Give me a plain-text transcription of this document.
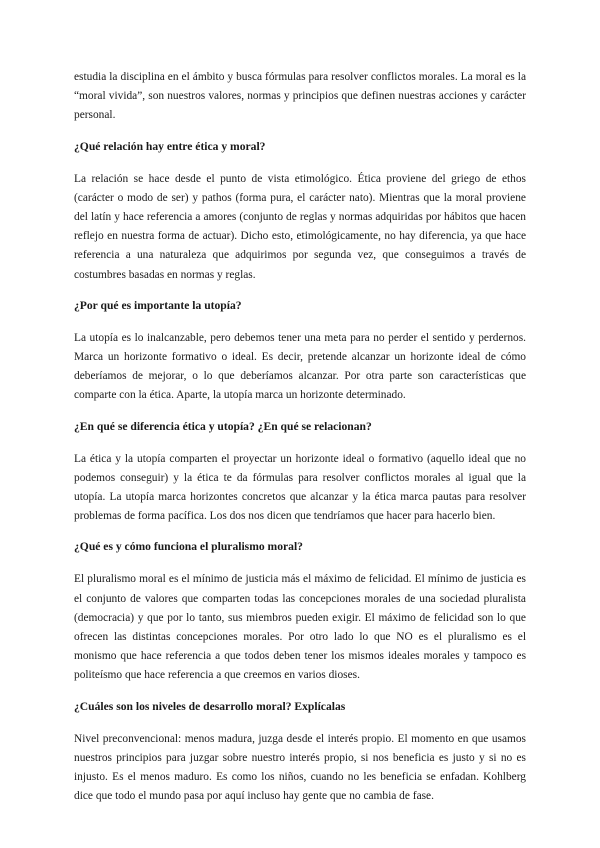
estudia la disciplina en el ámbito y busca fórmulas para resolver conflictos morales. La moral es la “moral vivida”, son nuestros valores, normas y principios que definen nuestras acciones y carácter personal.

¿Qué relación hay entre ética y moral?

La relación se hace desde el punto de vista etimológico. Ética proviene del griego de ethos (carácter o modo de ser) y pathos (forma pura, el carácter nato). Mientras que la moral proviene del latín y hace referencia a amores (conjunto de reglas y normas adquiridas por hábitos que hacen reflejo en nuestra forma de actuar). Dicho esto, etimológicamente, no hay diferencia, ya que hace referencia a una naturaleza que adquirimos por segunda vez, que conseguimos a través de costumbres basadas en normas y reglas.

¿Por qué es importante la utopía?

La utopía es lo inalcanzable, pero debemos tener una meta para no perder el sentido y perdernos. Marca un horizonte formativo o ideal. Es decir, pretende alcanzar un horizonte ideal de cómo deberíamos de mejorar, o lo que deberíamos alcanzar. Por otra parte son características que comparte con la ética. Aparte, la utopía marca un horizonte determinado.

¿En qué se diferencia ética y utopía? ¿En qué se relacionan?

La ética y la utopía comparten el proyectar un horizonte ideal o formativo (aquello ideal que no podemos conseguir) y la ética te da fórmulas para resolver conflictos morales al igual que la utopía. La utopía marca horizontes concretos que alcanzar y la ética marca pautas para resolver problemas de forma pacífica. Los dos nos dicen que tendríamos que hacer para hacerlo bien.

¿Qué es y cómo funciona el pluralismo moral?

El pluralismo moral es el mínimo de justicia más el máximo de felicidad. El mínimo de justicia es el conjunto de valores que comparten todas las concepciones morales de una sociedad pluralista (democracia) y que por lo tanto, sus miembros pueden exigir. El máximo de felicidad son lo que ofrecen las distintas concepciones morales. Por otro lado lo que NO es el pluralismo es el monismo que hace referencia a que todos deben tener los mismos ideales morales y tampoco es politeísmo que hace referencia a que creemos en varios dioses.

¿Cuáles son los niveles de desarrollo moral? Explícalas

Nivel preconvencional: menos madura, juzga desde el interés propio. El momento en que usamos nuestros principios para juzgar sobre nuestro interés propio, si nos beneficia es justo y si no es injusto. Es el menos maduro. Es como los niños, cuando no les beneficia se enfadan. Kohlberg dice que todo el mundo pasa por aquí incluso hay gente que no cambia de fase.
